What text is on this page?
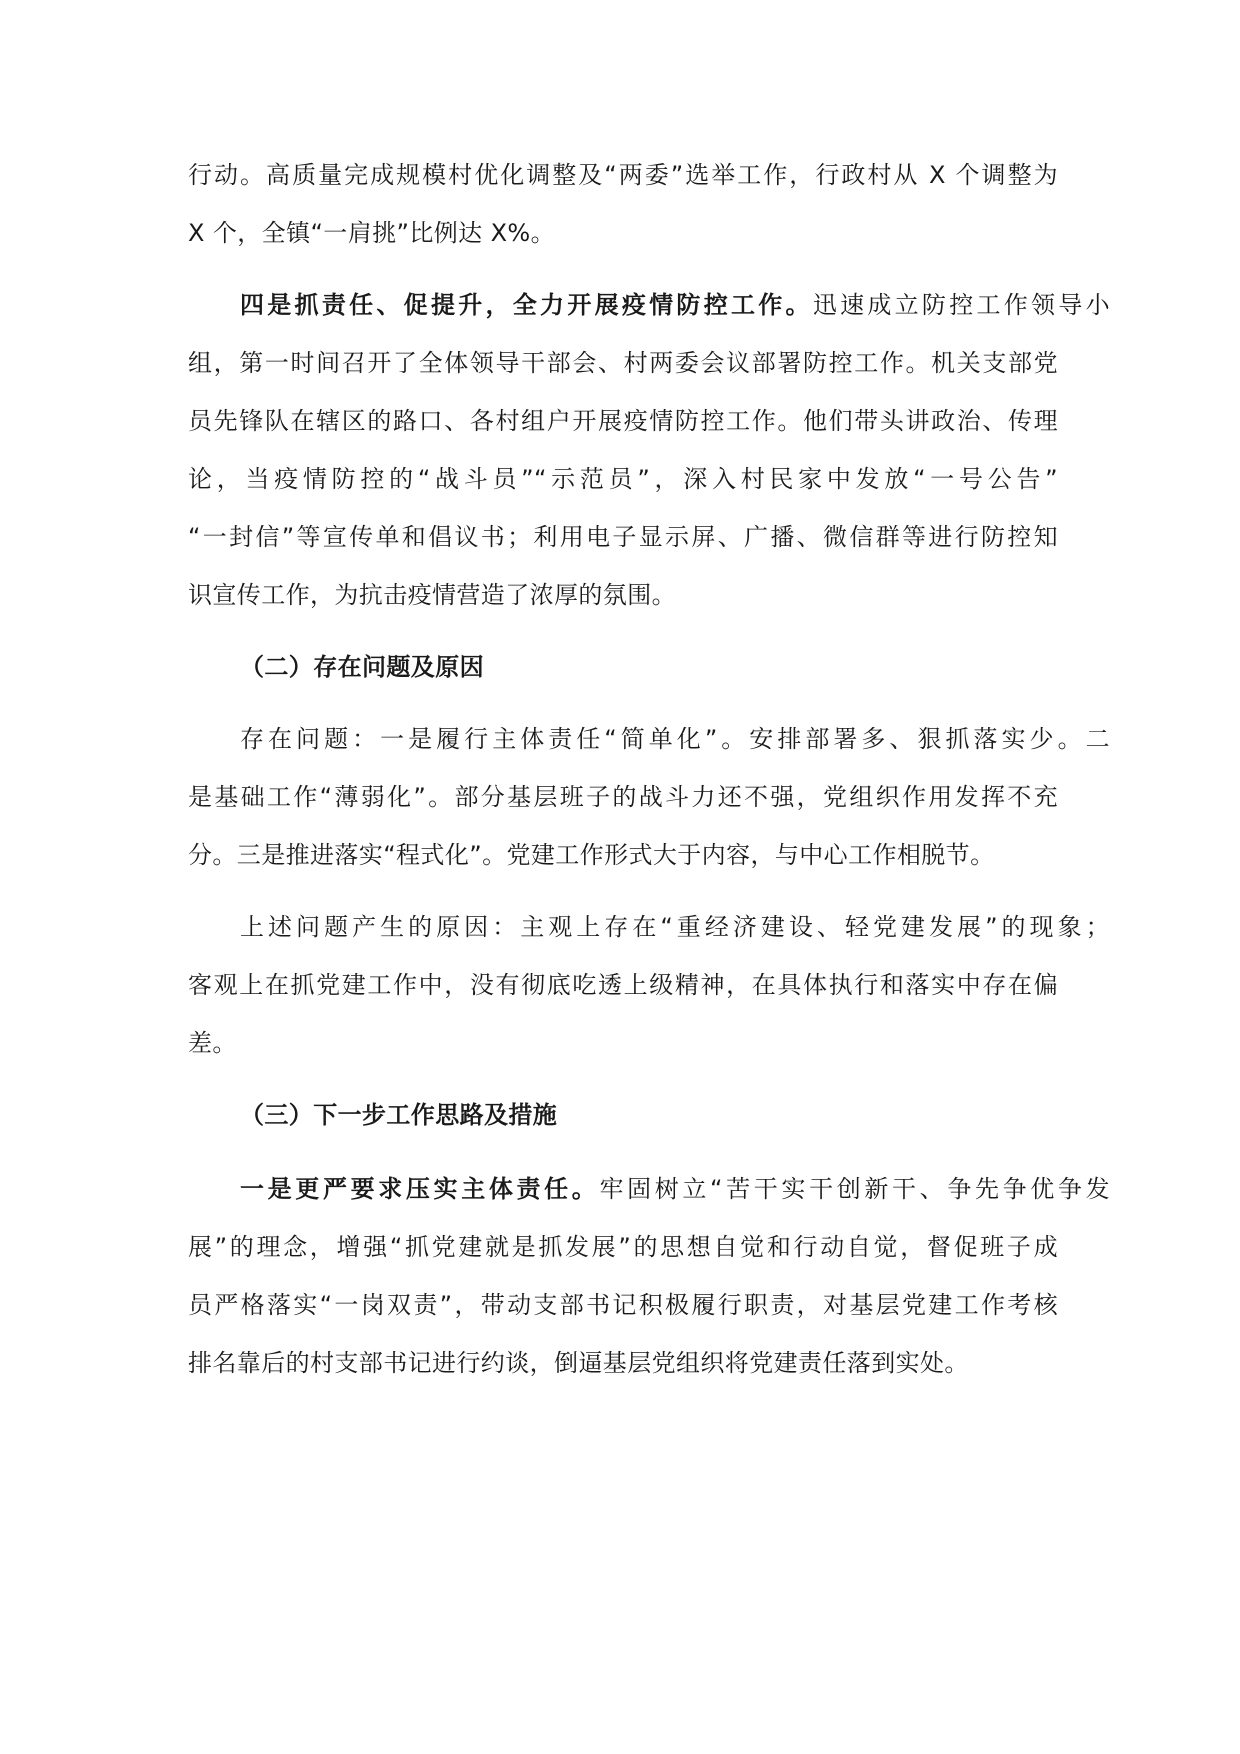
行动。高质量完成规模村优化调整及“两委”选举工作，行政村从 X 个调整为
X 个，全镇“一肩挑”比例达 X%。
四是抓责任、促提升，全力开展疫情防控工作。迅速成立防控工作领导小
组，第一时间召开了全体领导干部会、村两委会议部署防控工作。机关支部党
员先锋队在辖区的路口、各村组户开展疫情防控工作。他们带头讲政治、传理
论，当疫情防控的“战斗员”“示范员”，深入村民家中发放“一号公告”
“一封信”等宣传单和倡议书；利用电子显示屏、广播、微信群等进行防控知
识宣传工作，为抗击疫情营造了浓厚的氛围。
（二）存在问题及原因
存在问题：一是履行主体责任“简单化”。安排部署多、狠抓落实少。二
是基础工作“薄弱化”。部分基层班子的战斗力还不强，党组织作用发挥不充
分。三是推进落实“程式化”。党建工作形式大于内容，与中心工作相脱节。
上述问题产生的原因：主观上存在“重经济建设、轻党建发展”的现象；
客观上在抓党建工作中，没有彻底吃透上级精神，在具体执行和落实中存在偏
差。
（三）下一步工作思路及措施
一是更严要求压实主体责任。牢固树立“苦干实干创新干、争先争优争发
展”的理念，增强“抓党建就是抓发展”的思想自觉和行动自觉，督促班子成
员严格落实“一岗双责”，带动支部书记积极履行职责，对基层党建工作考核
排名靠后的村支部书记进行约谈，倒逼基层党组织将党建责任落到实处。
